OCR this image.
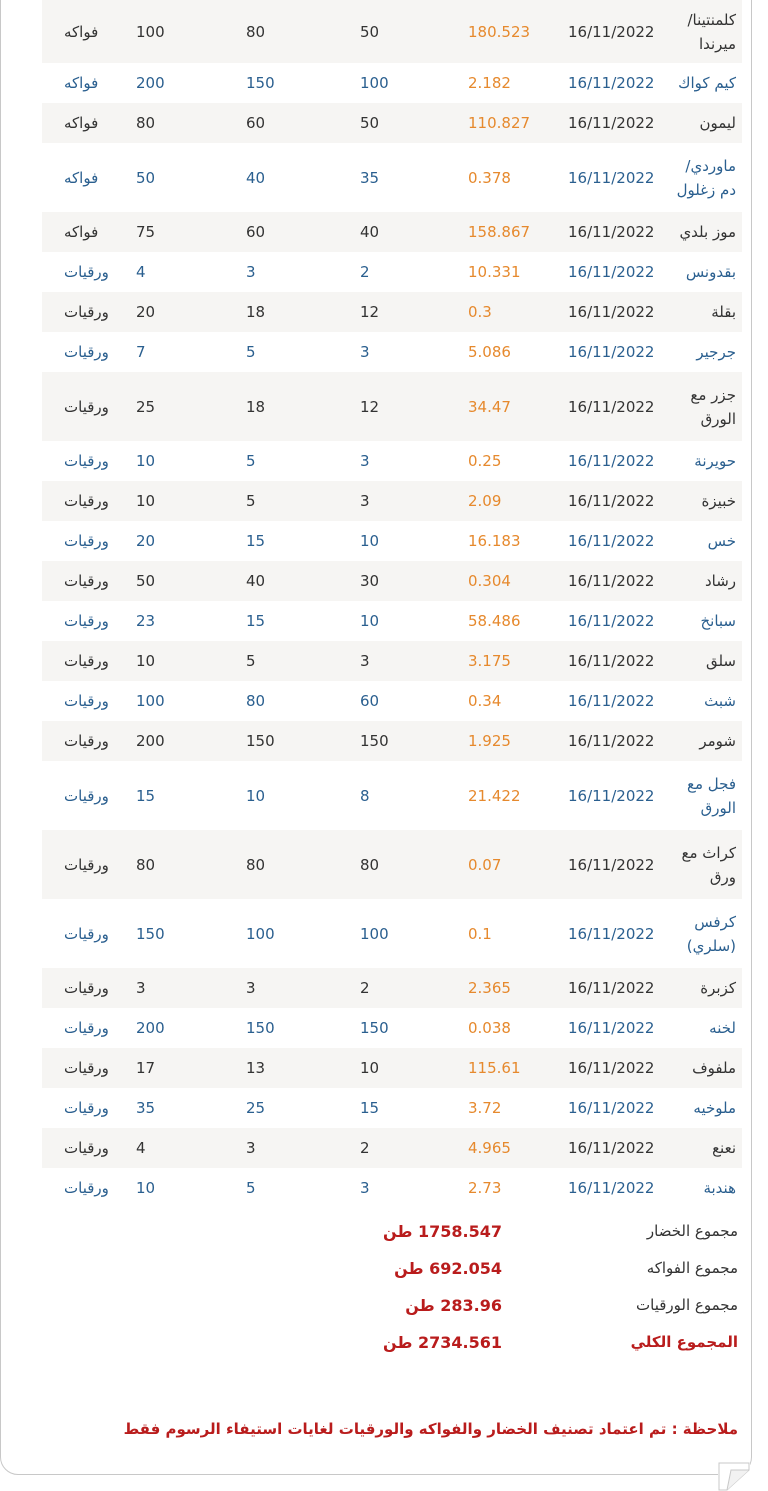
كلمنتينا/ ميرندا	16/11/2022	180.523	50	80	100	فواكه
كيم كواك	16/11/2022	2.182	100	150	200	فواكه
ليمون	16/11/2022	110.827	50	60	80	فواكه
ماوردي/دم زغلول	16/11/2022	0.378	35	40	50	فواكه
موز بلدي	16/11/2022	158.867	40	60	75	فواكه
بقدونس	16/11/2022	10.331	2	3	4	ورقيات
بقلة	16/11/2022	0.3	12	18	20	ورقيات
جرجير	16/11/2022	5.086	3	5	7	ورقيات
جزر مع الورق	16/11/2022	34.47	12	18	25	ورقيات
حويرنة	16/11/2022	0.25	3	5	10	ورقيات
خبيزة	16/11/2022	2.09	3	5	10	ورقيات
خس	16/11/2022	16.183	10	15	20	ورقيات
رشاد	16/11/2022	0.304	30	40	50	ورقيات
سبانخ	16/11/2022	58.486	10	15	23	ورقيات
سلق	16/11/2022	3.175	3	5	10	ورقيات
شبث	16/11/2022	0.34	60	80	100	ورقيات
شومر	16/11/2022	1.925	150	150	200	ورقيات
فجل مع الورق	16/11/2022	21.422	8	10	15	ورقيات
كراث مع ورق	16/11/2022	0.07	80	80	80	ورقيات
كرفس (سلري)	16/11/2022	0.1	100	100	150	ورقيات
كزبرة	16/11/2022	2.365	2	3	3	ورقيات
لخنه	16/11/2022	0.038	150	150	200	ورقيات
ملفوف	16/11/2022	115.61	10	13	17	ورقيات
ملوخيه	16/11/2022	3.72	15	25	35	ورقيات
نعنع	16/11/2022	4.965	2	3	4	ورقيات
هندبة	16/11/2022	2.73	3	5	10	ورقيات
مجموع الخضار
1758.547 طن
مجموع الفواكه
692.054 طن
مجموع الورقيات
283.96 طن
المجموع الكلي
2734.561 طن
ملاحظة : تم اعتماد تصنيف الخضار والفواكه والورقيات لغايات استيفاء الرسوم فقط
